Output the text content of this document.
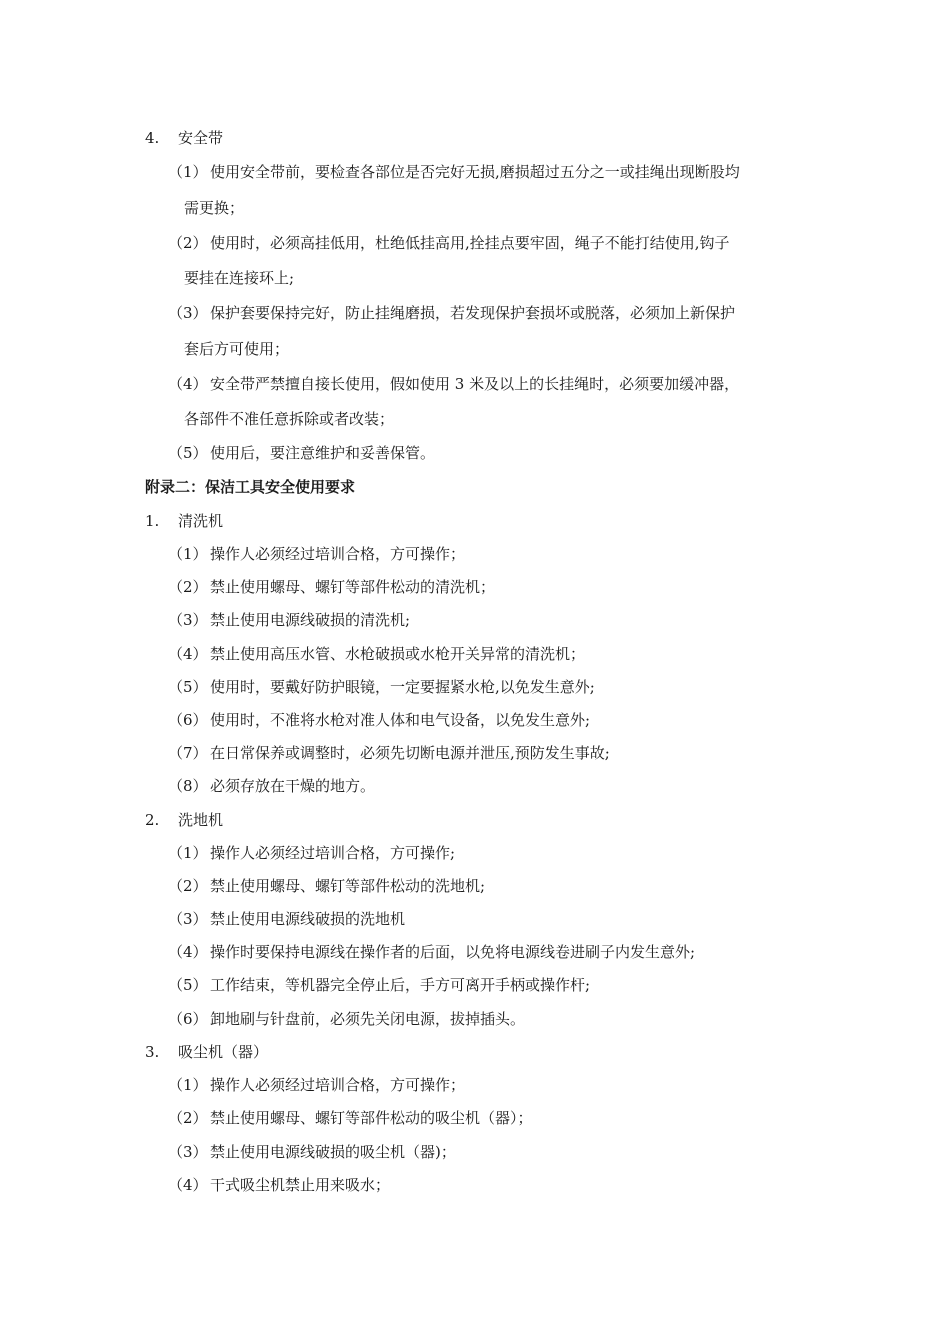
4. 安全带
（1） 使用安全带前，要检查各部位是否完好无损,磨损超过五分之一或挂绳出现断股均
需更换；
（2） 使用时，必须高挂低用，杜绝低挂高用,拴挂点要牢固，绳子不能打结使用,钩子
要挂在连接环上;
（3） 保护套要保持完好，防止挂绳磨损，若发现保护套损坏或脱落，必须加上新保护
套后方可使用；
（4） 安全带严禁擅自接长使用，假如使用 3 米及以上的长挂绳时，必须要加缓冲器，
各部件不准任意拆除或者改装；
（5） 使用后，要注意维护和妥善保管。
附录二：保洁工具安全使用要求
1. 清洗机
（1） 操作人必须经过培训合格，方可操作；
（2） 禁止使用螺母、螺钉等部件松动的清洗机；
（3） 禁止使用电源线破损的清洗机;
（4） 禁止使用高压水管、水枪破损或水枪开关异常的清洗机；
（5） 使用时，要戴好防护眼镜，一定要握紧水枪,以免发生意外;
（6） 使用时，不准将水枪对准人体和电气设备，以免发生意外;
（7） 在日常保养或调整时，必须先切断电源并泄压,预防发生事故;
（8） 必须存放在干燥的地方。
2. 洗地机
（1） 操作人必须经过培训合格，方可操作;
（2） 禁止使用螺母、螺钉等部件松动的洗地机;
（3） 禁止使用电源线破损的洗地机
（4） 操作时要保持电源线在操作者的后面，以免将电源线卷进刷子内发生意外;
（5） 工作结束，等机器完全停止后，手方可离开手柄或操作杆;
（6） 卸地刷与针盘前，必须先关闭电源，拔掉插头。
3. 吸尘机（器）
（1） 操作人必须经过培训合格，方可操作；
（2） 禁止使用螺母、螺钉等部件松动的吸尘机（器）；
（3） 禁止使用电源线破损的吸尘机（器)；
（4） 干式吸尘机禁止用来吸水；
